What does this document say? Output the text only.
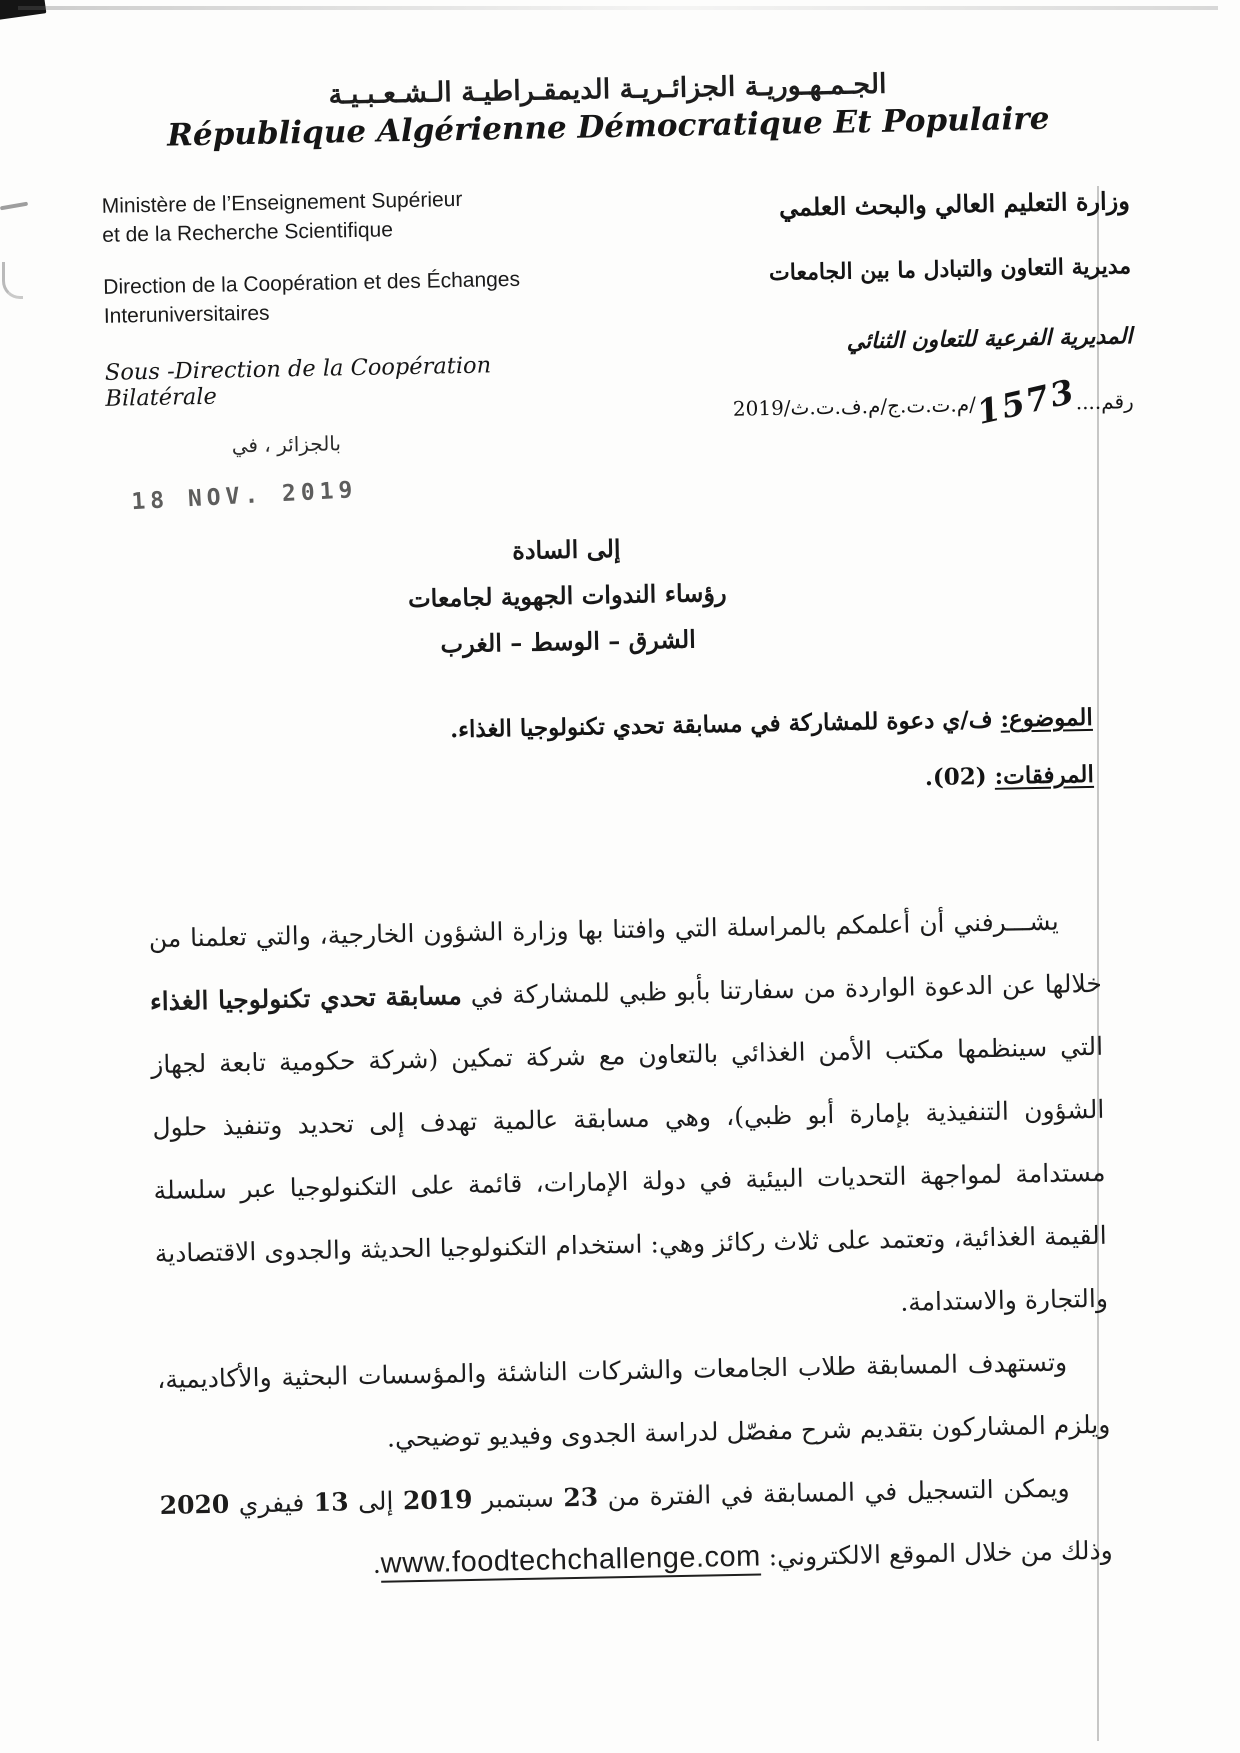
الجـمـهـوريـة الجزائـريـة الديمقـراطيـة الـشـعـبـيـة
République Algérienne Démocratique Et Populaire

Ministère de l’Enseignement Supérieur
et de la Recherche Scientifique

Direction de la Coopération et des Échanges
Interuniversitaires

Sous -Direction de la Coopération Bilatérale

بالجزائر ، في
18 NOV. 2019
وزارة التعليم العالي والبحث العلمي
مديرية التعاون والتبادل ما بين الجامعات
المديرية الفرعية للتعاون الثنائي
رقم....1573/م.ت.ت.ج/م.ف.ت.ث/2019
إلى السادة
رؤساء الندوات الجهوية لجامعات
الشرق – الوسط – الغرب
الموضوع: ف/ي دعوة للمشاركة في مسابقة تحدي تكنولوجيا الغذاء.
المرفقات: (02).

يشـــرفني أن أعلمكم بالمراسلة التي وافتنا بها وزارة الشؤون الخارجية، والتي تعلمنا من خلالها عن الدعوة الواردة من سفارتنا بأبو ظبي للمشاركة في مسابقة تحدي تكنولوجيا الغذاء التي سينظمها مكتب الأمن الغذائي بالتعاون مع شركة تمكين (شركة حكومية تابعة لجهاز الشؤون التنفيذية بإمارة أبو ظبي)، وهي مسابقة عالمية تهدف إلى تحديد وتنفيذ حلول مستدامة لمواجهة التحديات البيئية في دولة الإمارات، قائمة على التكنولوجيا عبر سلسلة القيمة الغذائية، وتعتمد على ثلاث ركائز وهي: استخدام التكنولوجيا الحديثة والجدوى الاقتصادية والتجارة والاستدامة.

وتستهدف المسابقة طلاب الجامعات والشركات الناشئة والمؤسسات البحثية والأكاديمية، ويلزم المشاركون بتقديم شرح مفصّل لدراسة الجدوى وفيديو توضيحي.

ويمكن التسجيل في المسابقة في الفترة من 23 سبتمبر 2019 إلى 13 فيفري 2020 وذلك من خلال الموقع الالكتروني: www.foodtechchallenge.com.
